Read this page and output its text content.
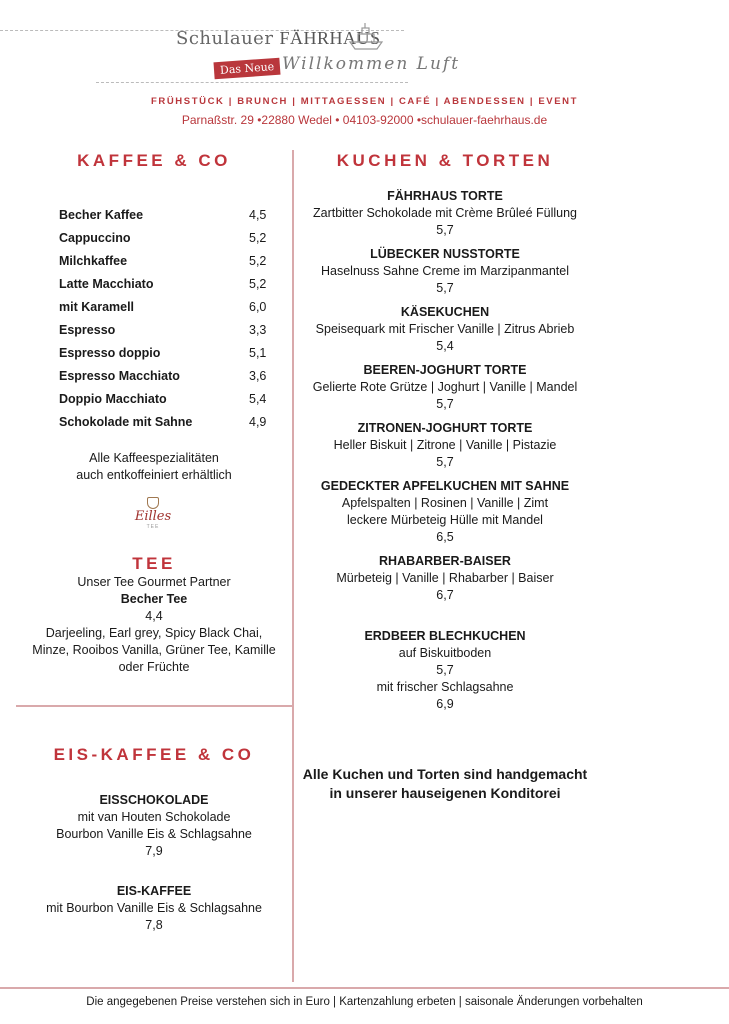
Schulauer FÄHRHAUS
Das Neue Willkommen Luft
FRÜHSTÜCK | BRUNCH | MITTAGESSEN | CAFÉ | ABENDESSEN | EVENT
Parnaßstr. 29 •22880 Wedel • 04103-92000 •schulauer-faehrhaus.de
KAFFEE & CO
Becher Kaffee	4,5
Cappuccino	5,2
Milchkaffee	5,2
Latte Macchiato	5,2
mit Karamell	6,0
Espresso	3,3
Espresso doppio	5,1
Espresso Macchiato	3,6
Doppio Macchiato	5,4
Schokolade mit Sahne	4,9
Alle Kaffeespezialitäten
auch entkoffeiniert erhältlich
Eilles
TEE
TEE
Unser Tee Gourmet Partner
Becher Tee
4,4
Darjeeling, Earl grey, Spicy Black Chai,
Minze, Rooibos Vanilla, Grüner Tee, Kamille
oder Früchte
EIS-KAFFEE & CO
EISSCHOKOLADE
mit van Houten Schokolade
Bourbon Vanille Eis & Schlagsahne
7,9
EIS-KAFFEE
mit Bourbon Vanille Eis & Schlagsahne
7,8
KUCHEN & TORTEN
FÄHRHAUS TORTE
Zartbitter Schokolade mit Crème Brûleé Füllung
5,7
LÜBECKER NUSSTORTE
Haselnuss Sahne Creme im Marzipanmantel
5,7
KÄSEKUCHEN
Speisequark mit Frischer Vanille | Zitrus Abrieb
5,4
BEEREN-JOGHURT TORTE
Gelierte Rote Grütze | Joghurt | Vanille | Mandel
5,7
ZITRONEN-JOGHURT TORTE
Heller Biskuit | Zitrone | Vanille | Pistazie
5,7
GEDECKTER APFELKUCHEN MIT SAHNE
Apfelspalten | Rosinen | Vanille | Zimt
leckere Mürbeteig Hülle mit Mandel
6,5
RHABARBER-BAISER
Mürbeteig | Vanille | Rhabarber | Baiser
6,7
ERDBEER BLECHKUCHEN
auf Biskuitboden
5,7
mit frischer Schlagsahne
6,9
Alle Kuchen und Torten sind handgemacht
in unserer hauseigenen Konditorei
Die angegebenen Preise verstehen sich in Euro | Kartenzahlung erbeten | saisonale Änderungen vorbehalten
